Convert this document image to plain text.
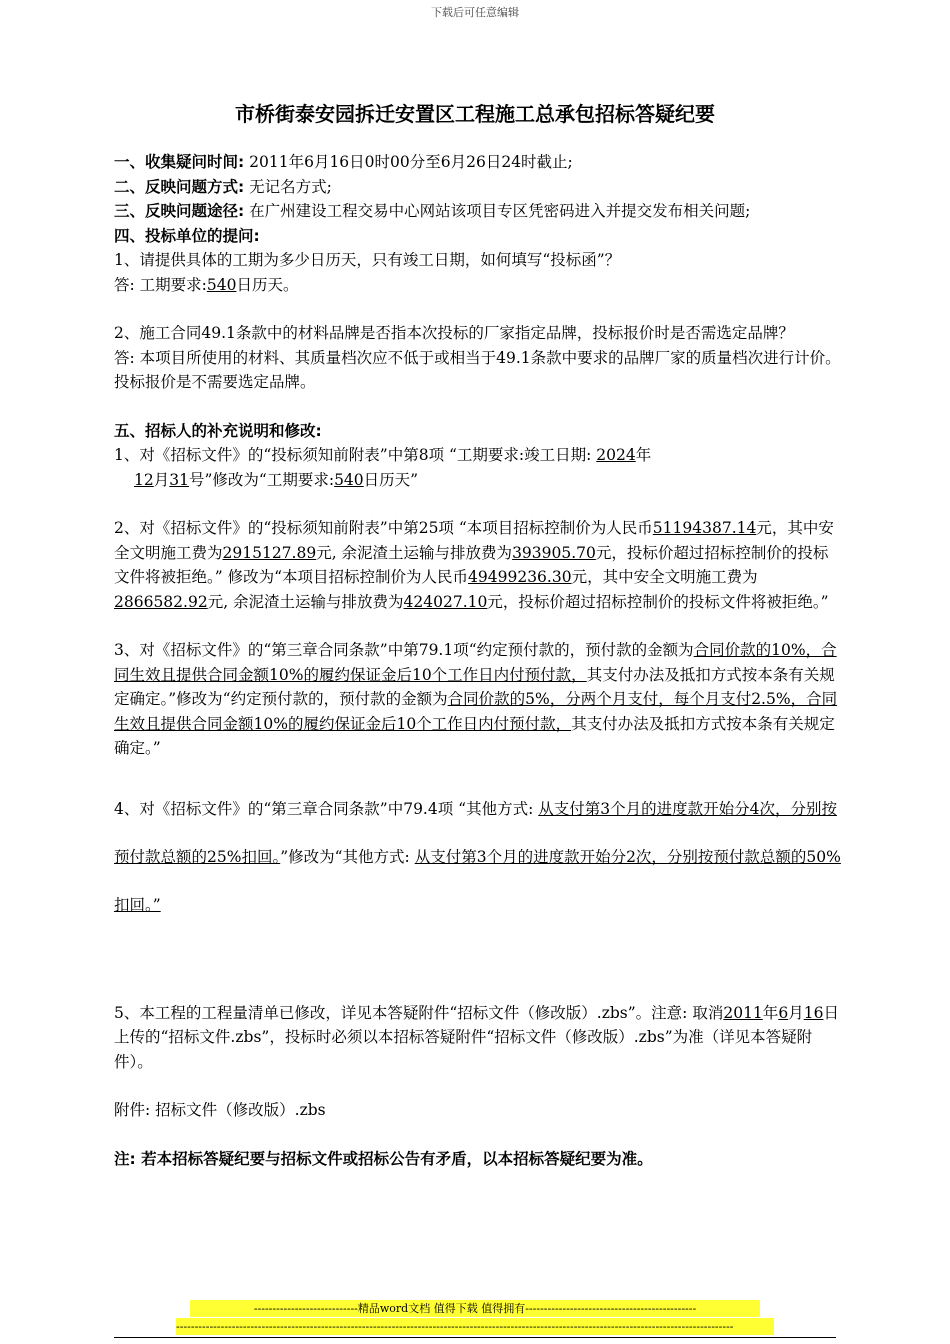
下载后可任意编辑
市桥街泰安园拆迁安置区工程施工总承包招标答疑纪要

一、收集疑问时间: 2011年6月16日0时00分至6月26日24时截止;

二、反映问题方式: 无记名方式;

三、反映问题途径: 在广州建设工程交易中心网站该项目专区凭密码进入并提交发布相关问题;

四、投标单位的提问:

1、请提供具体的工期为多少日历天，只有竣工日期，如何填写“投标函”？

答: 工期要求:540日历天。

2、施工合同49.1条款中的材料品牌是否指本次投标的厂家指定品牌，投标报价时是否需选定品牌？

答: 本项目所使用的材料、其质量档次应不低于或相当于49.1条款中要求的品牌厂家的质量档次进行计价。投标报价是不需要选定品牌。

五、招标人的补充说明和修改:

1、对《招标文件》的“投标须知前附表”中第8项 “工期要求:竣工日期: 2024年
12月31号”修改为“工期要求:540日历天”

2、对《招标文件》的“投标须知前附表”中第25项 “本项目招标控制价为人民币51194387.14元，其中安全文明施工费为2915127.89元, 余泥渣土运输与排放费为393905.70元，投标价超过招标控制价的投标文件将被拒绝。” 修改为“本项目招标控制价为人民币49499236.30元，其中安全文明施工费为2866582.92元, 余泥渣土运输与排放费为424027.10元，投标价超过招标控制价的投标文件将被拒绝。”

3、对《招标文件》的“第三章合同条款”中第79.1项“约定预付款的，预付款的金额为合同价款的10%，合同生效且提供合同金额10%的履约保证金后10个工作日内付预付款，其支付办法及抵扣方式按本条有关规定确定。”修改为“约定预付款的，预付款的金额为合同价款的5%，分两个月支付，每个月支付2.5%，合同生效且提供合同金额10%的履约保证金后10个工作日内付预付款，其支付办法及抵扣方式按本条有关规定确定。”

4、对《招标文件》的“第三章合同条款”中79.4项 “其他方式: 从支付第3个月的进度款开始分4次，分别按预付款总额的25%扣回。”修改为“其他方式: 从支付第3个月的进度款开始分2次，分别按预付款总额的50%扣回。”

5、本工程的工程量清单已修改，详见本答疑附件“招标文件（修改版）.zbs”。注意: 取消2011年6月16日上传的“招标文件.zbs”，投标时必须以本招标答疑附件“招标文件（修改版）.zbs”为准（详见本答疑附件）。

附件: 招标文件（修改版）.zbs

注: 若本招标答疑纪要与招标文件或招标公告有矛盾，以本招标答疑纪要为准。

----------------------------精品word文档 值得下载 值得拥有----------------------------------------------
------------------------------------------------------------------------------------------------------------------------------------------------------
